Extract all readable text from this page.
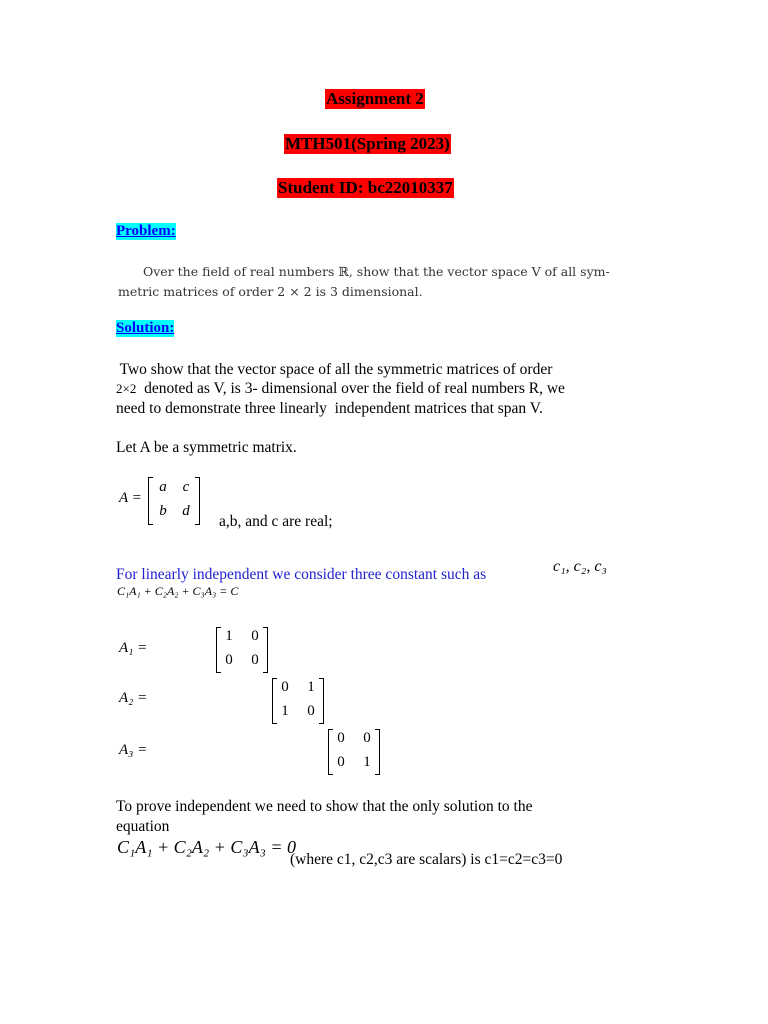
Assignment 2
MTH501(Spring 2023)
Student ID: bc22010337
Problem:
Over the field of real numbers ℝ, show that the vector space V of all sym-
metric matrices of order 2 × 2 is 3 dimensional.
Solution:
Two show that the vector space of all the symmetric matrices of order
2×2  denoted as V, is 3- dimensional over the field of real numbers R, we
need to demonstrate three linearly  independent matrices that span V.
Let A be a symmetric matrix.
A =
a	c
b	d

a,b, and c are real;
For linearly independent we consider three constant such as	c₁, c₂, c₃
C₁A₁ + C₂A₂ + C₃A₃ = C
A₁ =
1	0
0	0

A₂ =
0	1
1	0

A₃ =
0	0
0	1
To prove independent we need to show that the only solution to the
equation
C₁A₁ + C₂A₂ + C₃A₃ = 0
(where c1, c2,c3 are scalars) is c1=c2=c3=0
